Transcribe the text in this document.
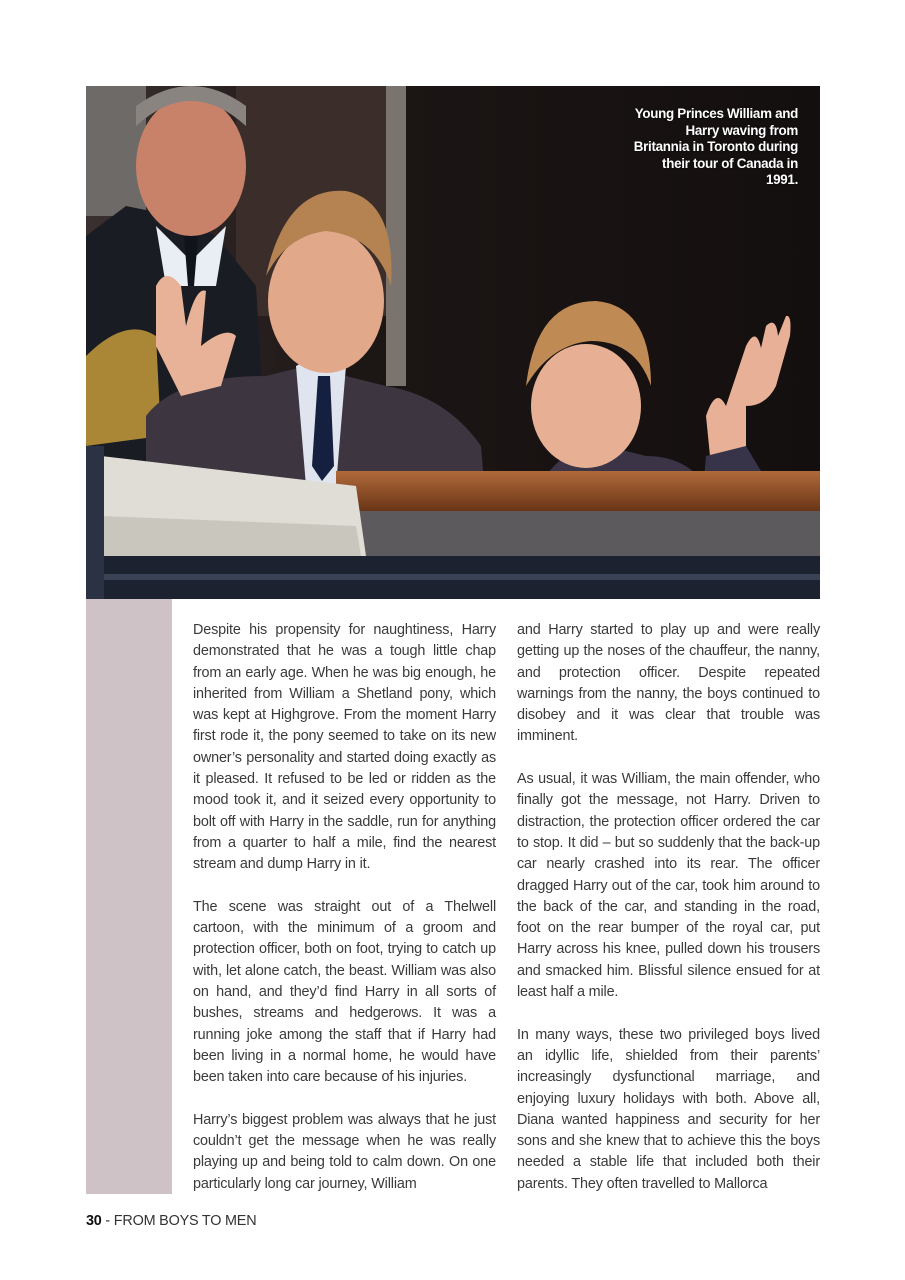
Young Princes William and Harry waving from Britannia in Toronto during their tour of Canada in 1991.

Despite his propensity for naughtiness, Harry demonstrated that he was a tough little chap from an early age. When he was big enough, he inherited from William a Shetland pony, which was kept at Highgrove. From the moment Harry first rode it, the pony seemed to take on its new owner’s personality and started doing exactly as it pleased. It refused to be led or ridden as the mood took it, and it seized every opportunity to bolt off with Harry in the saddle, run for anything from a quarter to half a mile, find the nearest stream and dump Harry in it.

The scene was straight out of a Thelwell cartoon, with the minimum of a groom and protection officer, both on foot, trying to catch up with, let alone catch, the beast. William was also on hand, and they’d find Harry in all sorts of bushes, streams and hedgerows. It was a running joke among the staff that if Harry had been living in a normal home, he would have been taken into care because of his injuries.

Harry’s biggest problem was always that he just couldn’t get the message when he was really playing up and being told to calm down. On one particularly long car journey, William

and Harry started to play up and were really getting up the noses of the chauffeur, the nanny, and protection officer. Despite repeated warnings from the nanny, the boys continued to disobey and it was clear that trouble was imminent.

As usual, it was William, the main offender, who finally got the message, not Harry. Driven to distraction, the protection officer ordered the car to stop. It did – but so suddenly that the back-up car nearly crashed into its rear. The officer dragged Harry out of the car, took him around to the back of the car, and standing in the road, foot on the rear bumper of the royal car, put Harry across his knee, pulled down his trousers and smacked him. Blissful silence ensued for at least half a mile.

In many ways, these two privileged boys lived an idyllic life, shielded from their parents’ increasingly dysfunctional marriage, and enjoying luxury holidays with both. Above all, Diana wanted happiness and security for her sons and she knew that to achieve this the boys needed a stable life that included both their parents. They often travelled to Mallorca

30 - FROM BOYS TO MEN
